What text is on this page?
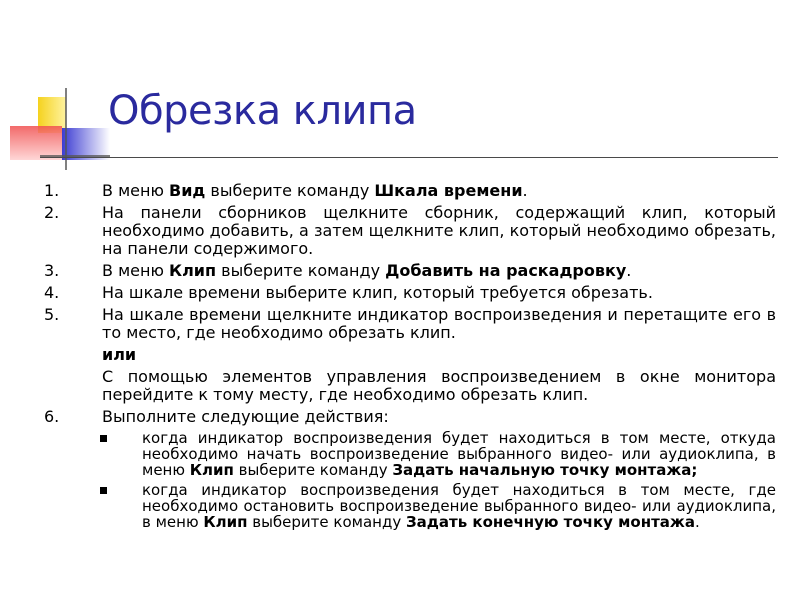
Обрезка клипа
1.	В меню Вид выберите команду Шкала времени.
2.	На панели сборников щелкните сборник, содержащий клип, который необходимо добавить, а затем щелкните клип, который необходимо обрезать, на панели содержимого.
3.	В меню Клип выберите команду Добавить на раскадровку.
4.	На шкале времени выберите клип, который требуется обрезать.
5.	На шкале времени щелкните индикатор воспроизведения и перетащите его в то место, где необходимо обрезать клип.
или
С помощью элементов управления воспроизведением в окне монитора перейдите к тому месту, где необходимо обрезать клип.
6.	Выполните следующие действия:
когда индикатор воспроизведения будет находиться в том месте, откуда необходимо начать воспроизведение выбранного видео- или аудиоклипа, в меню Клип выберите команду Задать начальную точку монтажа;
когда индикатор воспроизведения будет находиться в том месте, где необходимо остановить воспроизведение выбранного видео- или аудиоклипа, в меню Клип выберите команду Задать конечную точку монтажа.
